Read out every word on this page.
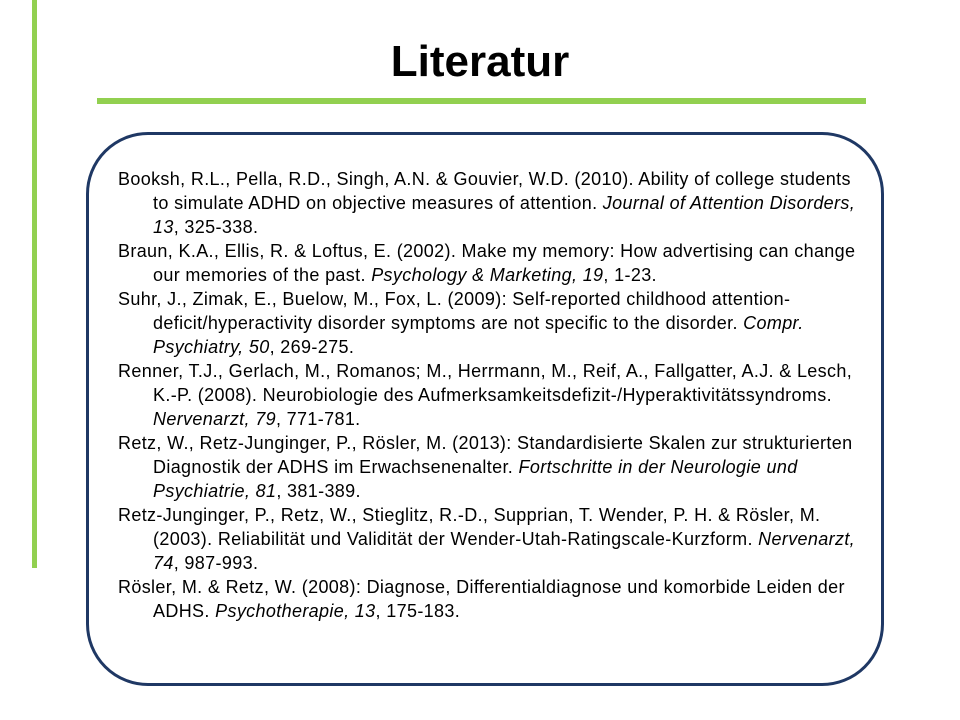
Literatur
Booksh, R.L., Pella, R.D., Singh, A.N. & Gouvier, W.D. (2010). Ability of college students to simulate ADHD on objective measures of attention. Journal of Attention Disorders, 13, 325-338.
Braun, K.A., Ellis, R. & Loftus, E. (2002). Make my memory: How advertising can change our memories of the past. Psychology & Marketing, 19, 1-23.
Suhr, J., Zimak, E., Buelow, M., Fox, L. (2009): Self-reported childhood attention-deficit/hyperactivity disorder symptoms are not specific to the disorder. Compr. Psychiatry, 50, 269-275.
Renner, T.J., Gerlach, M., Romanos; M., Herrmann, M., Reif, A., Fallgatter, A.J. & Lesch, K.-P. (2008). Neurobiologie des Aufmerksamkeitsdefizit-/Hyperaktivitätssyndroms. Nervenarzt, 79, 771-781.
Retz, W., Retz-Junginger, P., Rösler, M. (2013): Standardisierte Skalen zur strukturierten Diagnostik der ADHS im Erwachsenenalter. Fortschritte in der Neurologie und Psychiatrie, 81, 381-389.
Retz-Junginger, P., Retz, W., Stieglitz, R.-D., Supprian, T. Wender, P. H. & Rösler, M. (2003). Reliabilität und Validität der Wender-Utah-Ratingscale-Kurzform. Nervenarzt, 74, 987-993.
Rösler, M. & Retz, W. (2008): Diagnose, Differentialdiagnose und komorbide Leiden der ADHS. Psychotherapie, 13, 175-183.
